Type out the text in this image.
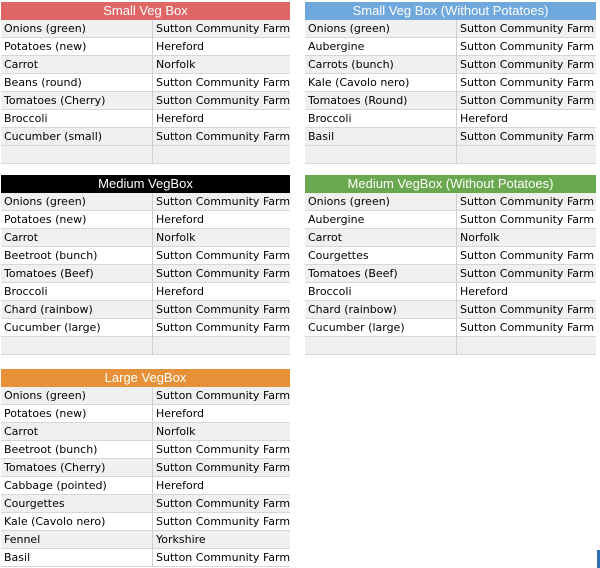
Small Veg Box
Onions (green)	Sutton Community Farm
Potatoes (new)	Hereford
Carrot	Norfolk
Beans (round)	Sutton Community Farm
Tomatoes (Cherry)	Sutton Community Farm
Broccoli	Hereford
Cucumber (small)	Sutton Community Farm
Small Veg Box (Without Potatoes)
Onions (green)	Sutton Community Farm
Aubergine	Sutton Community Farm
Carrots (bunch)	Sutton Community Farm
Kale (Cavolo nero)	Sutton Community Farm
Tomatoes (Round)	Sutton Community Farm
Broccoli	Hereford
Basil	Sutton Community Farm
Medium VegBox
Onions (green)	Sutton Community Farm
Potatoes (new)	Hereford
Carrot	Norfolk
Beetroot (bunch)	Sutton Community Farm
Tomatoes (Beef)	Sutton Community Farm
Broccoli	Hereford
Chard (rainbow)	Sutton Community Farm
Cucumber (large)	Sutton Community Farm
Medium VegBox (Without Potatoes)
Onions (green)	Sutton Community Farm
Aubergine	Sutton Community Farm
Carrot	Norfolk
Courgettes	Sutton Community Farm
Tomatoes (Beef)	Sutton Community Farm
Broccoli	Hereford
Chard (rainbow)	Sutton Community Farm
Cucumber (large)	Sutton Community Farm
Large VegBox
Onions (green)	Sutton Community Farm
Potatoes (new)	Hereford
Carrot	Norfolk
Beetroot (bunch)	Sutton Community Farm
Tomatoes (Cherry)	Sutton Community Farm
Cabbage (pointed)	Hereford
Courgettes	Sutton Community Farm
Kale (Cavolo nero)	Sutton Community Farm
Fennel	Yorkshire
Basil	Sutton Community Farm
